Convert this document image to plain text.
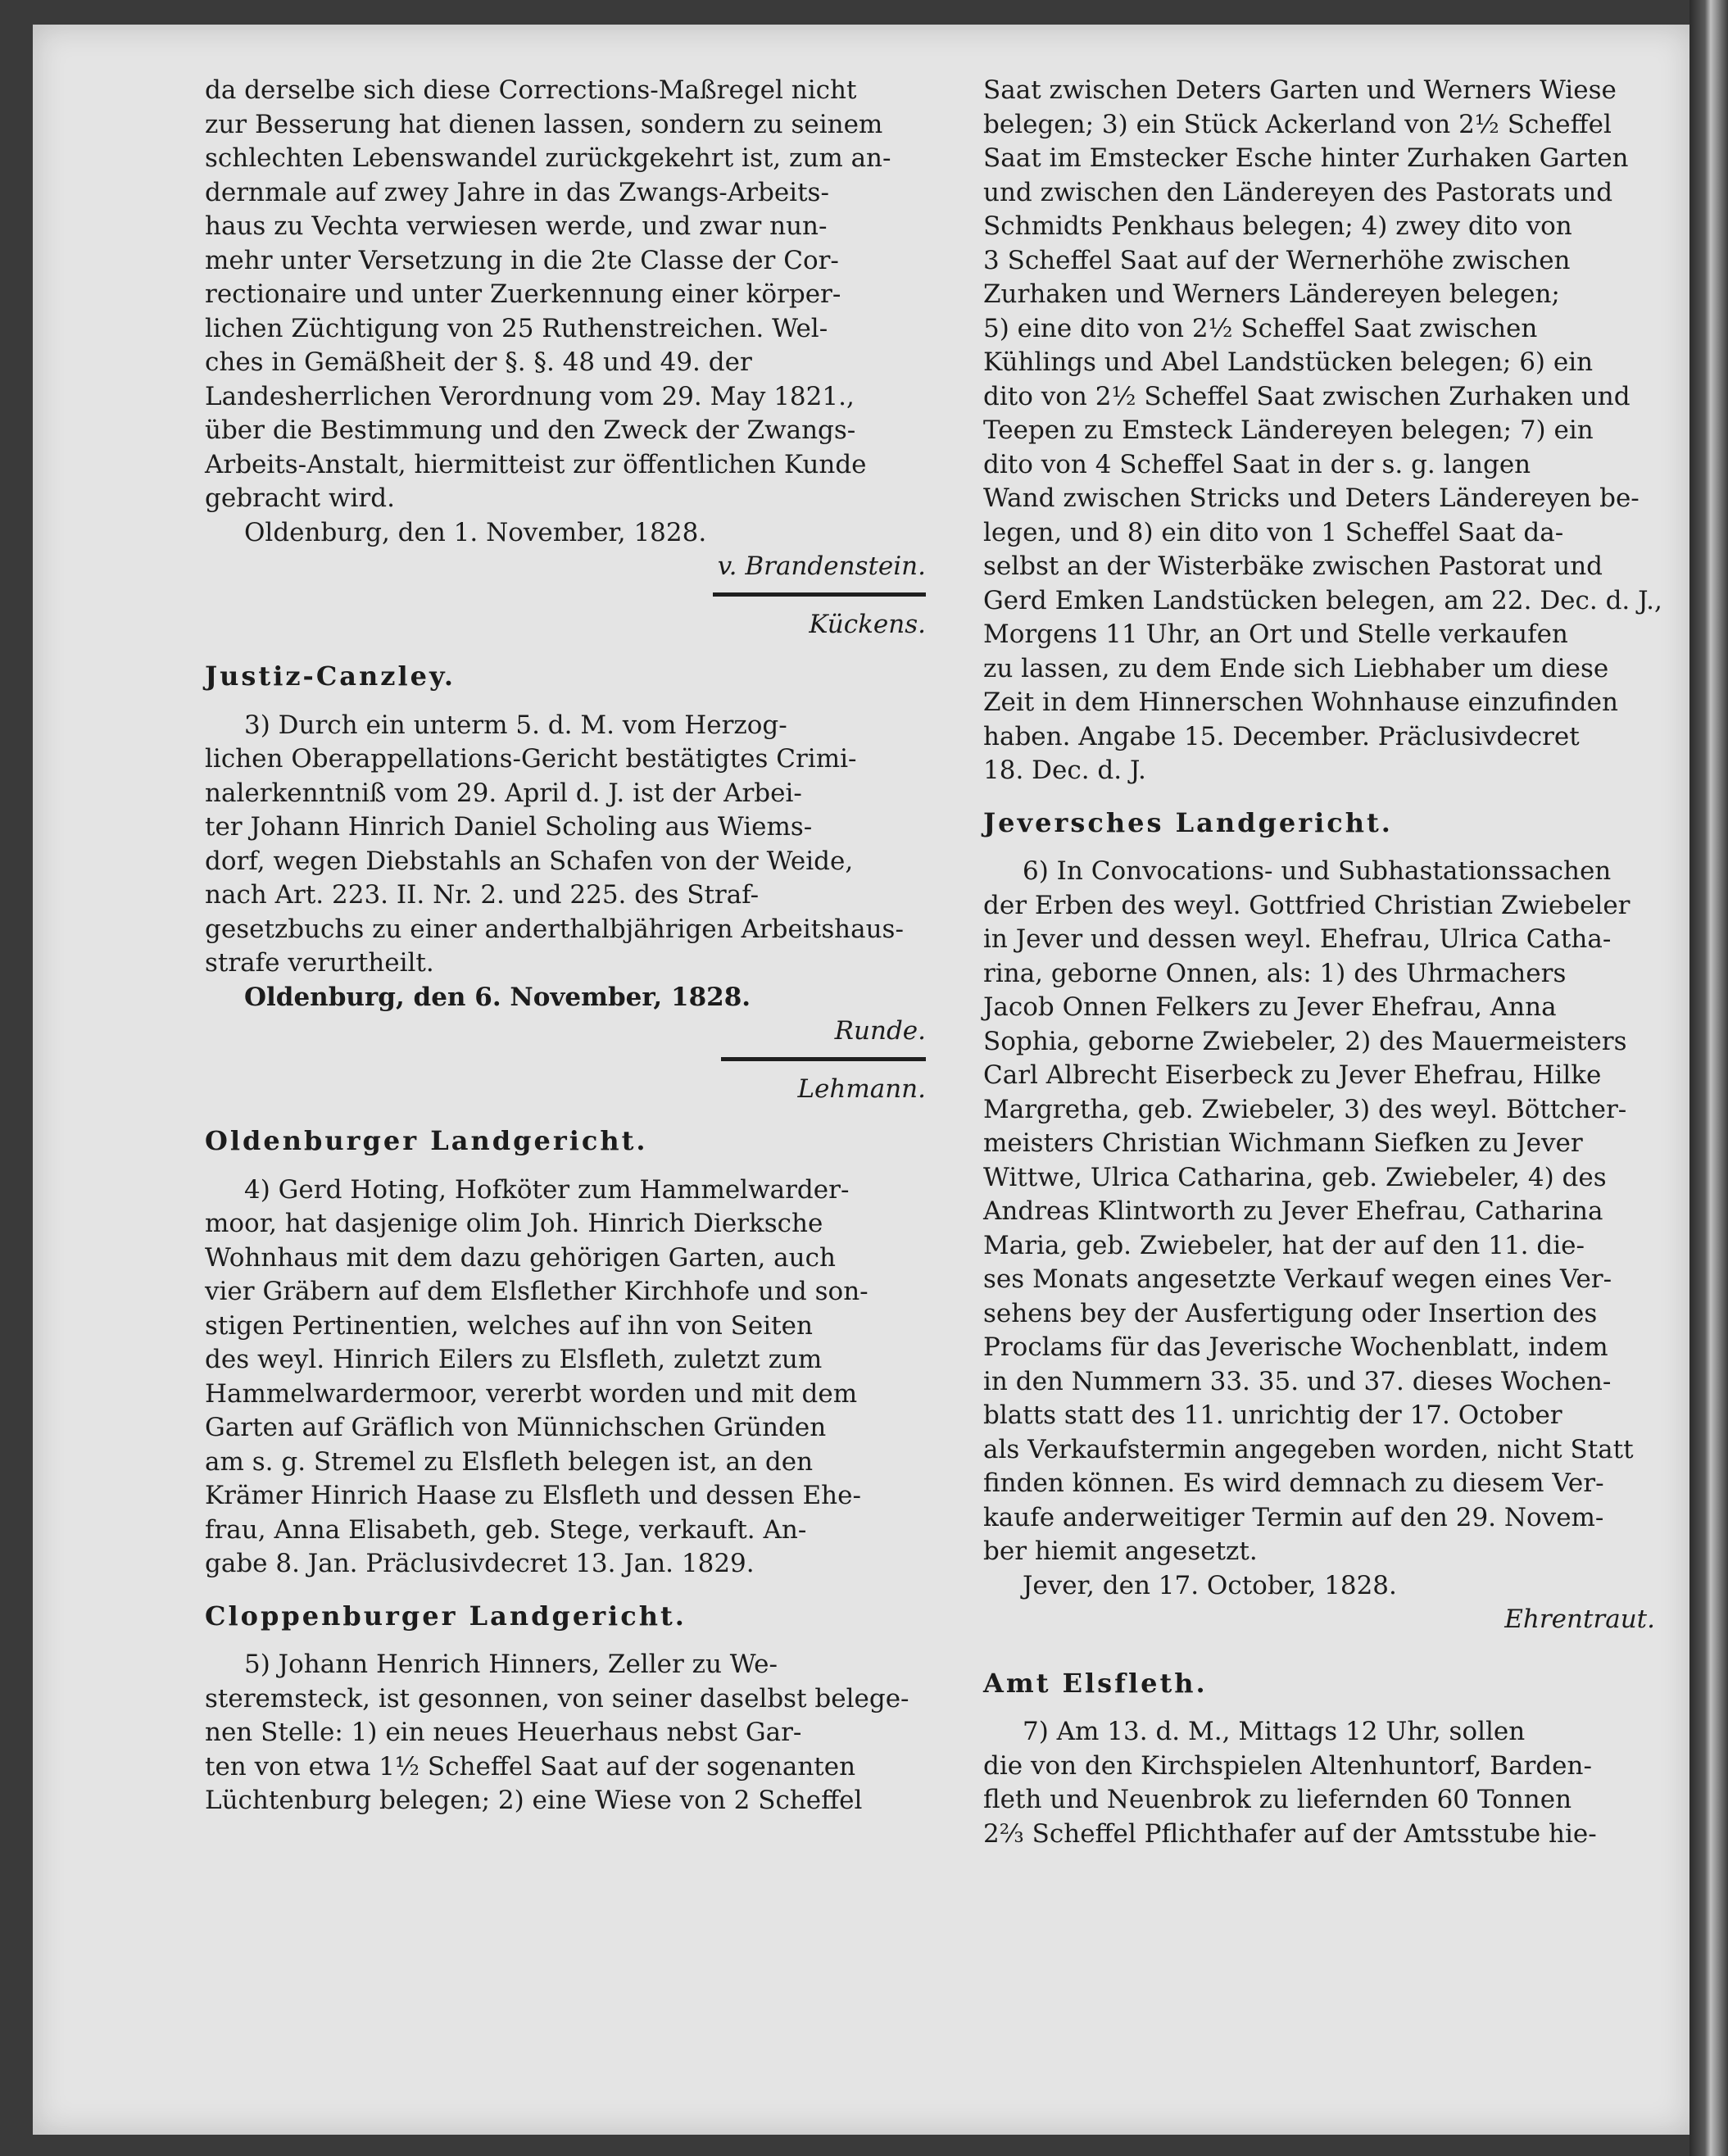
da derselbe sich diese Corrections-Maßregel nicht
zur Besserung hat dienen lassen, sondern zu seinem
schlechten Lebenswandel zurückgekehrt ist, zum an-
dernmale auf zwey Jahre in das Zwangs-Arbeits-
haus zu Vechta verwiesen werde, und zwar nun-
mehr unter Versetzung in die 2te Classe der Cor-
rectionaire und unter Zuerkennung einer körper-
lichen Züchtigung von 25 Ruthenstreichen. Wel-
ches in Gemäßheit der §. §. 48 und 49. der
Landesherrlichen Verordnung vom 29. May 1821.,
über die Bestimmung und den Zweck der Zwangs-
Arbeits-Anstalt, hiermitteist zur öffentlichen Kunde
gebracht wird.

Oldenburg, den 1. November, 1828.

v. Brandenstein.

Kückens.

Justiz-Canzley.
3) Durch ein unterm 5. d. M. vom Herzog-
lichen Oberappellations-Gericht bestätigtes Crimi-
nalerkenntniß vom 29. April d. J. ist der Arbei-
ter Johann Hinrich Daniel Scholing aus Wiems-
dorf, wegen Diebstahls an Schafen von der Weide,
nach Art. 223. II. Nr. 2. und 225. des Straf-
gesetzbuchs zu einer anderthalbjährigen Arbeitshaus-
strafe verurtheilt.

Oldenburg, den 6. November, 1828.

Runde.

Lehmann.

Oldenburger Landgericht.
4) Gerd Hoting, Hofköter zum Hammelwarder-
moor, hat dasjenige olim Joh. Hinrich Dierksche
Wohnhaus mit dem dazu gehörigen Garten, auch
vier Gräbern auf dem Elsflether Kirchhofe und son-
stigen Pertinentien, welches auf ihn von Seiten
des weyl. Hinrich Eilers zu Elsfleth, zuletzt zum
Hammelwardermoor, vererbt worden und mit dem
Garten auf Gräflich von Münnichschen Gründen
am s. g. Stremel zu Elsfleth belegen ist, an den
Krämer Hinrich Haase zu Elsfleth und dessen Ehe-
frau, Anna Elisabeth, geb. Stege, verkauft. An-
gabe 8. Jan. Präclusivdecret 13. Jan. 1829.
Cloppenburger Landgericht.
5) Johann Henrich Hinners, Zeller zu We-
steremsteck, ist gesonnen, von seiner daselbst belege-
nen Stelle: 1) ein neues Heuerhaus nebst Gar-
ten von etwa 1½ Scheffel Saat auf der sogenanten
Lüchtenburg belegen; 2) eine Wiese von 2 Scheffel
Saat zwischen Deters Garten und Werners Wiese
belegen; 3) ein Stück Ackerland von 2½ Scheffel
Saat im Emstecker Esche hinter Zurhaken Garten
und zwischen den Ländereyen des Pastorats und
Schmidts Penkhaus belegen; 4) zwey dito von
3 Scheffel Saat auf der Wernerhöhe zwischen
Zurhaken und Werners Ländereyen belegen;
5) eine dito von 2½ Scheffel Saat zwischen
Kühlings und Abel Landstücken belegen; 6) ein
dito von 2½ Scheffel Saat zwischen Zurhaken und
Teepen zu Emsteck Ländereyen belegen; 7) ein
dito von 4 Scheffel Saat in der s. g. langen
Wand zwischen Stricks und Deters Ländereyen be-
legen, und 8) ein dito von 1 Scheffel Saat da-
selbst an der Wisterbäke zwischen Pastorat und
Gerd Emken Landstücken belegen, am 22. Dec. d. J.,
Morgens 11 Uhr, an Ort und Stelle verkaufen
zu lassen, zu dem Ende sich Liebhaber um diese
Zeit in dem Hinnerschen Wohnhause einzufinden
haben. Angabe 15. December. Präclusivdecret
18. Dec. d. J.
Jeversches Landgericht.
6) In Convocations- und Subhastationssachen
der Erben des weyl. Gottfried Christian Zwiebeler
in Jever und dessen weyl. Ehefrau, Ulrica Catha-
rina, geborne Onnen, als: 1) des Uhrmachers
Jacob Onnen Felkers zu Jever Ehefrau, Anna
Sophia, geborne Zwiebeler, 2) des Mauermeisters
Carl Albrecht Eiserbeck zu Jever Ehefrau, Hilke
Margretha, geb. Zwiebeler, 3) des weyl. Böttcher-
meisters Christian Wichmann Siefken zu Jever
Wittwe, Ulrica Catharina, geb. Zwiebeler, 4) des
Andreas Klintworth zu Jever Ehefrau, Catharina
Maria, geb. Zwiebeler, hat der auf den 11. die-
ses Monats angesetzte Verkauf wegen eines Ver-
sehens bey der Ausfertigung oder Insertion des
Proclams für das Jeverische Wochenblatt, indem
in den Nummern 33. 35. und 37. dieses Wochen-
blatts statt des 11. unrichtig der 17. October
als Verkaufstermin angegeben worden, nicht Statt
finden können. Es wird demnach zu diesem Ver-
kaufe anderweitiger Termin auf den 29. Novem-
ber hiemit angesetzt.

Jever, den 17. October, 1828.

Ehrentraut.

Amt Elsfleth.
7) Am 13. d. M., Mittags 12 Uhr, sollen
die von den Kirchspielen Altenhuntorf, Barden-
fleth und Neuenbrok zu liefernden 60 Tonnen
2⅔ Scheffel Pflichthafer auf der Amtsstube hie-
